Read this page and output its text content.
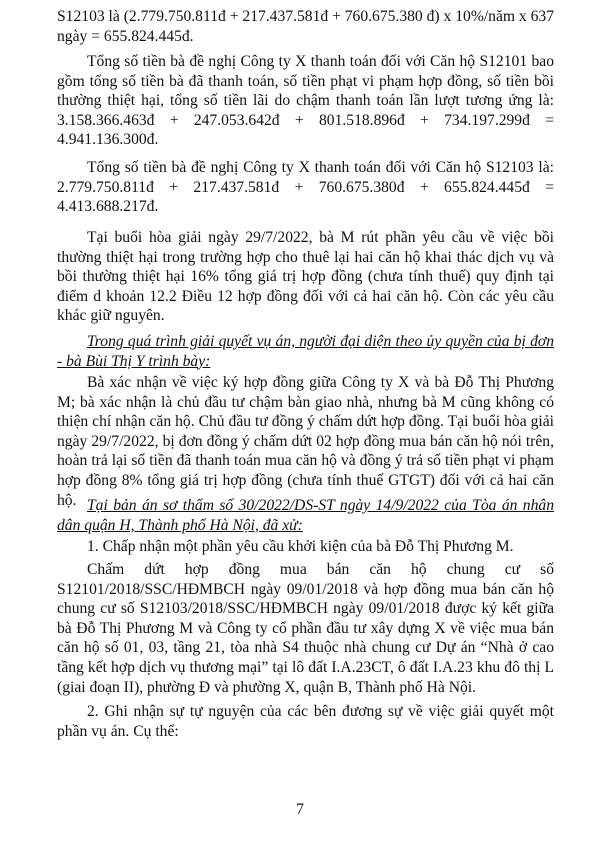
S12103 là (2.779.750.811đ + 217.437.581đ + 760.675.380 đ) x 10%/năm x 637 ngày = 655.824.445đ.

Tổng số tiền bà đề nghị Công ty X thanh toán đối với Căn hộ S12101 bao gồm tổng số tiền bà đã thanh toán, số tiền phạt vi phạm hợp đồng, số tiền bồi thường thiệt hại, tổng số tiền lãi do chậm thanh toán lần lượt tương ứng là: 3.158.366.463đ + 247.053.642đ + 801.518.896đ + 734.197.299đ = 4.941.136.300đ.

Tổng số tiền bà đề nghị Công ty X thanh toán đối với Căn hộ S12103 là: 2.779.750.811đ + 217.437.581đ + 760.675.380đ + 655.824.445đ = 4.413.688.217đ.

Tại buổi hòa giải ngày 29/7/2022, bà M rút phần yêu cầu về việc bồi thường thiệt hại trong trường hợp cho thuê lại hai căn hộ khai thác dịch vụ và bồi thường thiệt hại 16% tổng giá trị hợp đồng (chưa tính thuế) quy định tại điểm d khoản 12.2 Điều 12 hợp đồng đối với cả hai căn hộ. Còn các yêu cầu khác giữ nguyên.

Trong quá trình giải quyết vụ án, người đại diện theo ủy quyền của bị đơn - bà Bùi Thị Y trình bày:

Bà xác nhận về việc ký hợp đồng giữa Công ty X và bà Đỗ Thị Phương M; bà xác nhận là chủ đầu tư chậm bàn giao nhà, nhưng bà M cũng không có thiện chí nhận căn hộ. Chủ đầu tư đồng ý chấm dứt hợp đồng. Tại buổi hòa giải ngày 29/7/2022, bị đơn đồng ý chấm dứt 02 hợp đồng mua bán căn hộ nói trên, hoàn trả lại số tiền đã thanh toán mua căn hộ và đồng ý trả số tiền phạt vi phạm hợp đồng 8% tổng giá trị hợp đồng (chưa tính thuế GTGT) đối với cả hai căn hộ. Tại bản án sơ thẩm số 30/2022/DS-ST ngày 14/9/2022 của Tòa án nhân dân quận H, Thành phố Hà Nội, đã xử:

1. Chấp nhận một phần yêu cầu khởi kiện của bà Đỗ Thị Phương M.

Chấm dứt hợp đồng mua bán căn hộ chung cư số S12101/2018/SSC/HĐMBCH ngày 09/01/2018 và hợp đồng mua bán căn hộ chung cư số S12103/2018/SSC/HĐMBCH ngày 09/01/2018 được ký kết giữa bà Đỗ Thị Phương M và Công ty cổ phần đầu tư xây dựng X về việc mua bán căn hộ số 01, 03, tầng 21, tòa nhà S4 thuộc nhà chung cư Dự án “Nhà ở cao tầng kết hợp dịch vụ thương mại” tại lô đất I.A.23CT, ô đất I.A.23 khu đô thị L (giai đoạn II), phường Đ và phường X, quận B, Thành phố Hà Nội.

2. Ghi nhận sự tự nguyện của các bên đương sự về việc giải quyết một phần vụ án. Cụ thể:

7
